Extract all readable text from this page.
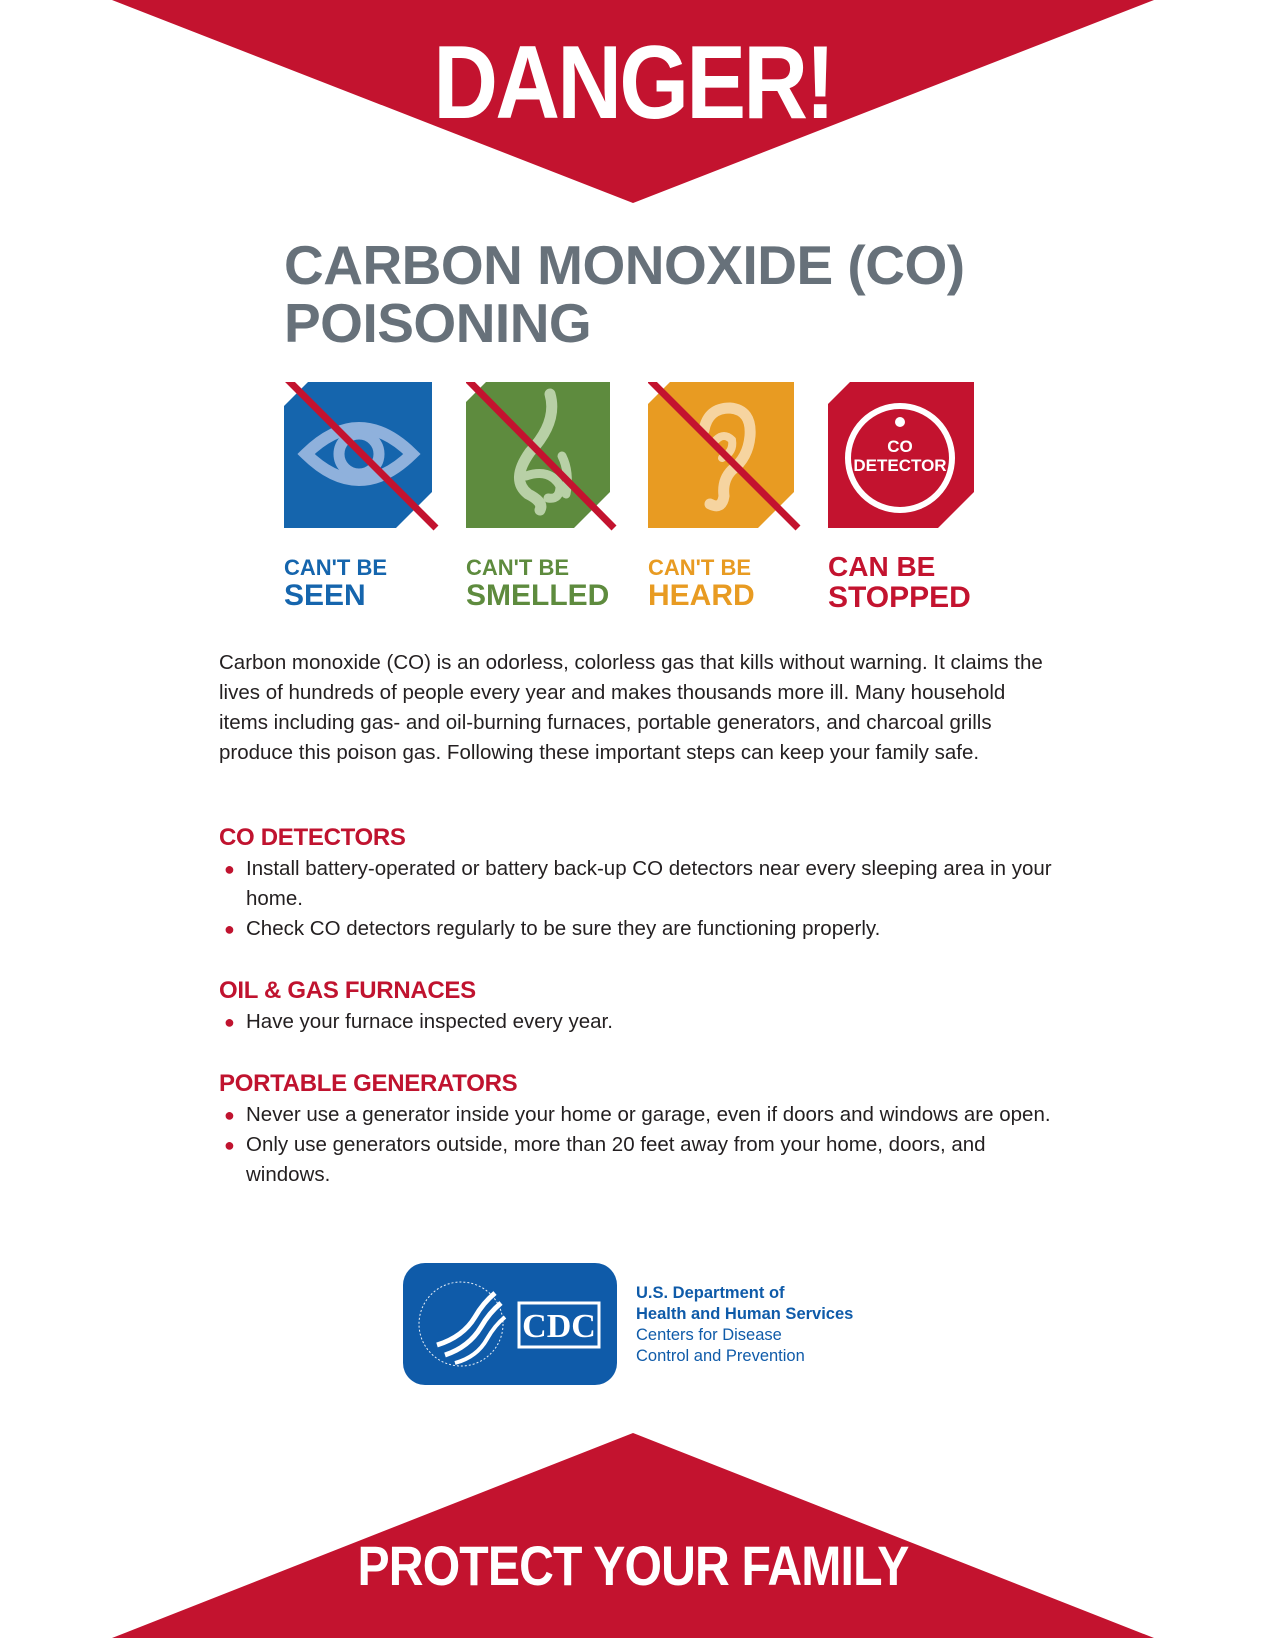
DANGER!
CARBON MONOXIDE (CO)
POISONING
CAN'T BE
SEEN
CAN'T BE
SMELLED
CAN'T BE
HEARD
CO
DETECTOR
CAN BE
STOPPED
Carbon monoxide (CO) is an odorless, colorless gas that kills without warning. It claims the lives of hundreds of people every year and makes thousands more ill. Many household items including gas- and oil-burning furnaces, portable generators, and charcoal grills produce this poison gas. Following these important steps can keep your family safe.
CO DETECTORS
● Install battery-operated or battery back-up CO detectors near every sleeping area in your home.
● Check CO detectors regularly to be sure they are functioning properly.
OIL & GAS FURNACES
● Have your furnace inspected every year.
PORTABLE GENERATORS
● Never use a generator inside your home or garage, even if doors and windows are open.
● Only use generators outside, more than 20 feet away from your home, doors, and windows.
CDC
U.S. Department of
Health and Human Services
Centers for Disease
Control and Prevention
PROTECT YOUR FAMILY
